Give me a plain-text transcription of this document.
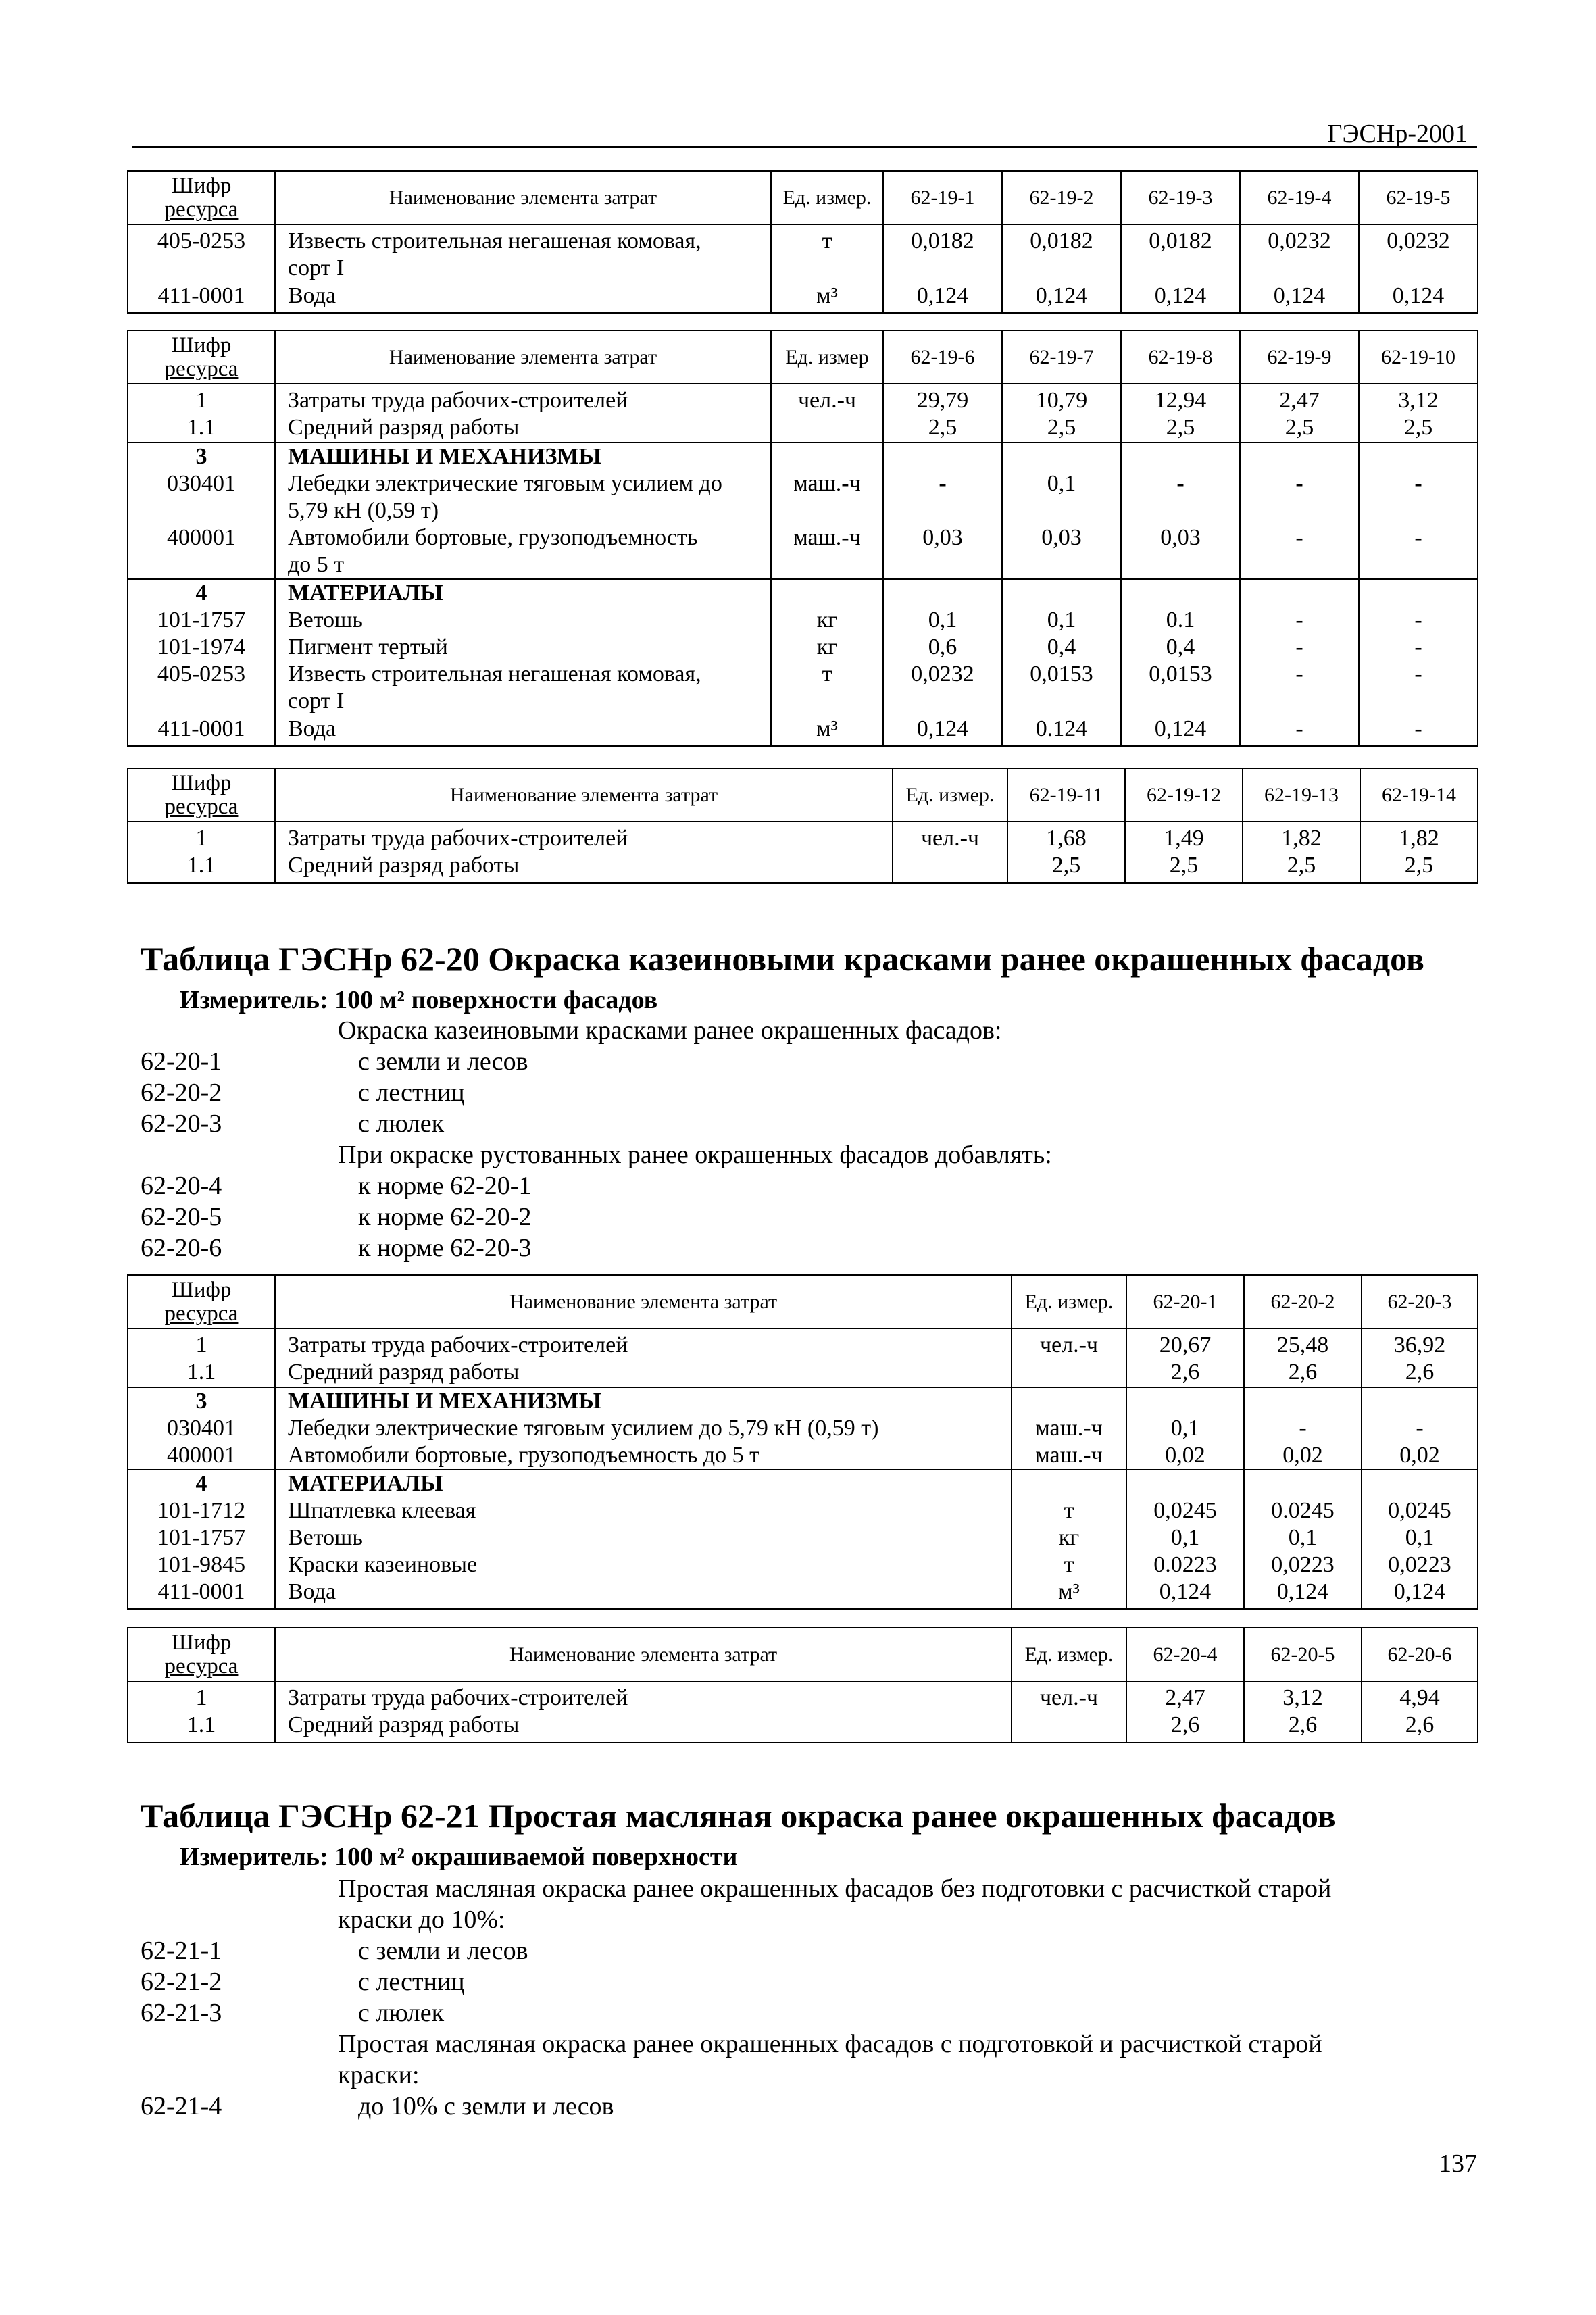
ГЭСНр-2001
Шифр
ресурса	Наименование элемента затрат	Ед. измер.	62-19-1	62-19-2	62-19-3	62-19-4	62-19-5
405-0253	Известь строительная негашеная комовая,	т	0,0182	0,0182	0,0182	0,0232	0,0232
	сорт I						
411-0001	Вода	м³	0,124	0,124	0,124	0,124	0,124
Шифр
ресурса	Наименование элемента затрат	Ед. измер	62-19-6	62-19-7	62-19-8	62-19-9	62-19-10
1	Затраты труда рабочих-строителей	чел.-ч	29,79	10,79	12,94	2,47	3,12
1.1	Средний разряд работы		2,5	2,5	2,5	2,5	2,5
3	МАШИНЫ И МЕХАНИЗМЫ						
030401	Лебедки электрические тяговым усилием до	маш.-ч	-	0,1	-	-	-
	5,79 кН (0,59 т)						
400001	Автомобили бортовые, грузоподъемность	маш.-ч	0,03	0,03	0,03	-	-
	до 5 т						
4	МАТЕРИАЛЫ						
101-1757	Ветошь	кг	0,1	0,1	0.1	-	-
101-1974	Пигмент тертый	кг	0,6	0,4	0,4	-	-
405-0253	Известь строительная негашеная комовая,	т	0,0232	0,0153	0,0153	-	-
	сорт I						
411-0001	Вода	м³	0,124	0.124	0,124	-	-
Шифр
ресурса	Наименование элемента затрат	Ед. измер.	62-19-11	62-19-12	62-19-13	62-19-14
1	Затраты труда рабочих-строителей	чел.-ч	1,68	1,49	1,82	1,82
1.1	Средний разряд работы		2,5	2,5	2,5	2,5
Таблица ГЭСНр 62-20 Окраска казеиновыми красками ранее окрашенных фасадов
Измеритель: 100 м² поверхности фасадов
Окраска казеиновыми красками ранее окрашенных фасадов:
62-20-1	с земли и лесов
62-20-2	с лестниц
62-20-3	с люлек
При окраске рустованных ранее окрашенных фасадов добавлять:
62-20-4	к норме 62-20-1
62-20-5	к норме 62-20-2
62-20-6	к норме 62-20-3
Шифр
ресурса	Наименование элемента затрат	Ед. измер.	62-20-1	62-20-2	62-20-3
1	Затраты труда рабочих-строителей	чел.-ч	20,67	25,48	36,92
1.1	Средний разряд работы		2,6	2,6	2,6
3	МАШИНЫ И МЕХАНИЗМЫ				
030401	Лебедки электрические тяговым усилием до 5,79 кН (0,59 т)	маш.-ч	0,1	-	-
400001	Автомобили бортовые, грузоподъемность до 5 т	маш.-ч	0,02	0,02	0,02
4	МАТЕРИАЛЫ				
101-1712	Шпатлевка клеевая	т	0,0245	0.0245	0,0245
101-1757	Ветошь	кг	0,1	0,1	0,1
101-9845	Краски казеиновые	т	0.0223	0,0223	0,0223
411-0001	Вода	м³	0,124	0,124	0,124
Шифр
ресурса	Наименование элемента затрат	Ед. измер.	62-20-4	62-20-5	62-20-6
1	Затраты труда рабочих-строителей	чел.-ч	2,47	3,12	4,94
1.1	Средний разряд работы		2,6	2,6	2,6
Таблица ГЭСНр 62-21 Простая масляная окраска ранее окрашенных фасадов
Измеритель: 100 м² окрашиваемой поверхности
Простая масляная окраска ранее окрашенных фасадов без подготовки с расчисткой старой
краски до 10%:
62-21-1	с земли и лесов
62-21-2	с лестниц
62-21-3	с люлек
Простая масляная окраска ранее окрашенных фасадов с подготовкой и расчисткой старой
краски:
62-21-4	до 10% с земли и лесов
137
